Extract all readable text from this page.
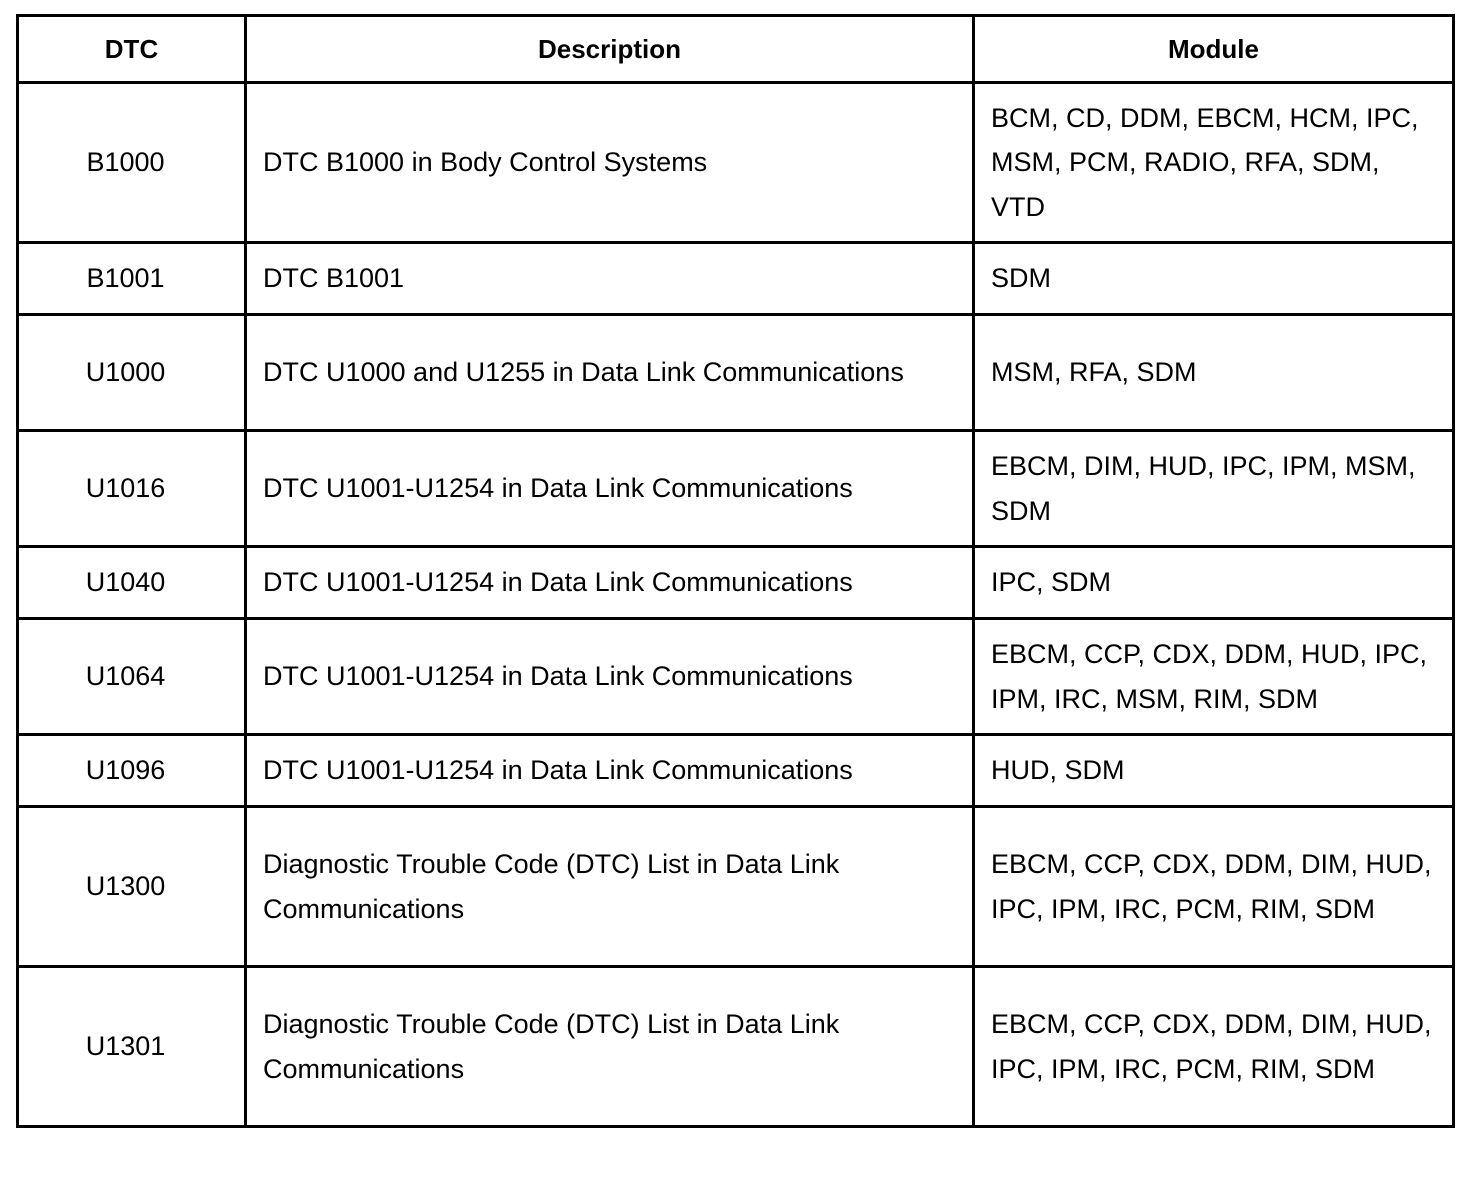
DTC	Description	Module
B1000	DTC B1000 in Body Control Systems	BCM, CD, DDM, EBCM, HCM, IPC, MSM, PCM, RADIO, RFA, SDM, VTD
B1001	DTC B1001	SDM
U1000	DTC U1000 and U1255 in Data Link Communications	MSM, RFA, SDM
U1016	DTC U1001-U1254 in Data Link Communications	EBCM, DIM, HUD, IPC, IPM, MSM, SDM
U1040	DTC U1001-U1254 in Data Link Communications	IPC, SDM
U1064	DTC U1001-U1254 in Data Link Communications	EBCM, CCP, CDX, DDM, HUD, IPC, IPM, IRC, MSM, RIM, SDM
U1096	DTC U1001-U1254 in Data Link Communications	HUD, SDM
U1300	Diagnostic Trouble Code (DTC) List in Data Link Communications	EBCM, CCP, CDX, DDM, DIM, HUD, IPC, IPM, IRC, PCM, RIM, SDM
U1301	Diagnostic Trouble Code (DTC) List in Data Link Communications	EBCM, CCP, CDX, DDM, DIM, HUD, IPC, IPM, IRC, PCM, RIM, SDM
